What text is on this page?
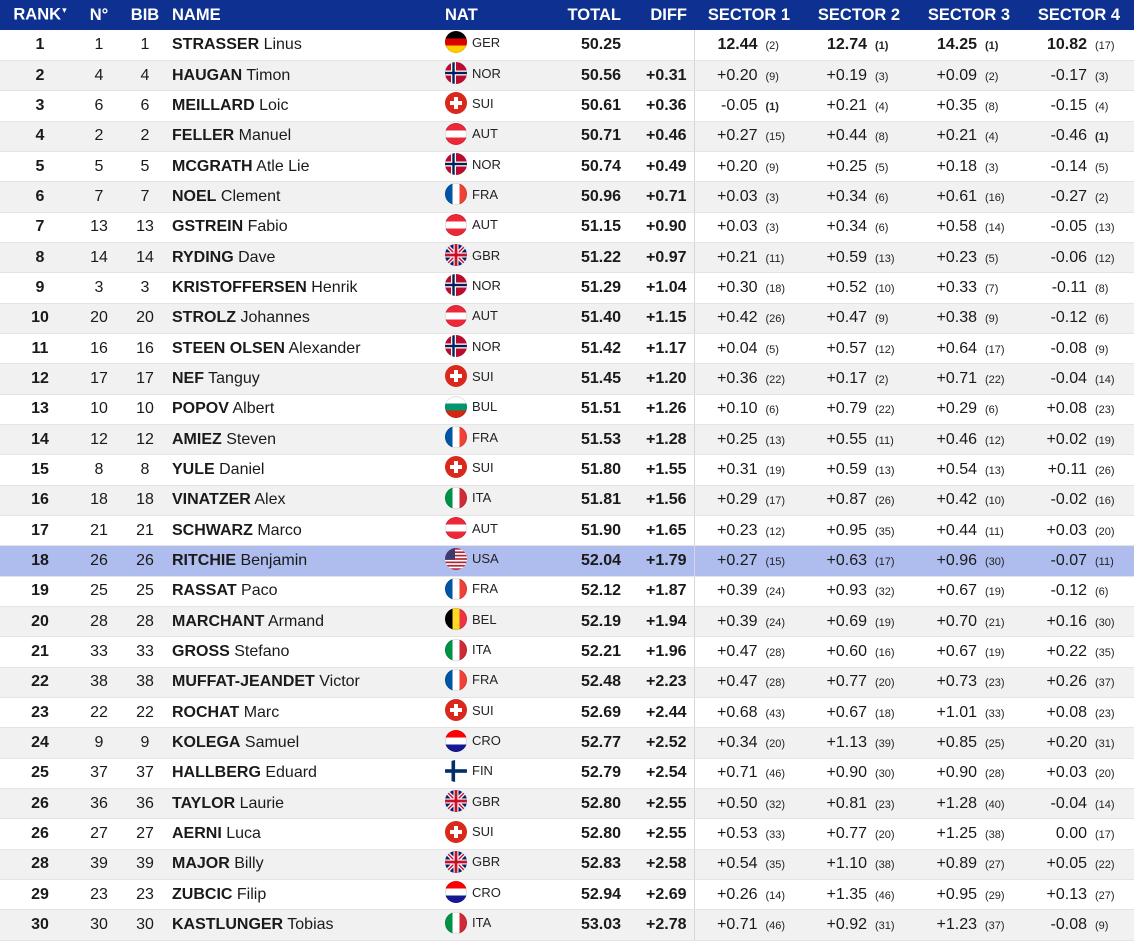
RANK▾	N°	BIB	NAME	NAT	TOTAL	DIFF	SECTOR 1	SECTOR 2	SECTOR 3	SECTOR 4
1	1	1	STRASSER Linus	GER	50.25		12.44 (2)	12.74 (1)	14.25 (1)	10.82 (17)
2	4	4	HAUGAN Timon	NOR	50.56	+0.31	+0.20 (9)	+0.19 (3)	+0.09 (2)	-0.17 (3)
3	6	6	MEILLARD Loic	SUI	50.61	+0.36	-0.05 (1)	+0.21 (4)	+0.35 (8)	-0.15 (4)
4	2	2	FELLER Manuel	AUT	50.71	+0.46	+0.27 (15)	+0.44 (8)	+0.21 (4)	-0.46 (1)
5	5	5	MCGRATH Atle Lie	NOR	50.74	+0.49	+0.20 (9)	+0.25 (5)	+0.18 (3)	-0.14 (5)
6	7	7	NOEL Clement	FRA	50.96	+0.71	+0.03 (3)	+0.34 (6)	+0.61 (16)	-0.27 (2)
7	13	13	GSTREIN Fabio	AUT	51.15	+0.90	+0.03 (3)	+0.34 (6)	+0.58 (14)	-0.05 (13)
8	14	14	RYDING Dave	GBR	51.22	+0.97	+0.21 (11)	+0.59 (13)	+0.23 (5)	-0.06 (12)
9	3	3	KRISTOFFERSEN Henrik	NOR	51.29	+1.04	+0.30 (18)	+0.52 (10)	+0.33 (7)	-0.11 (8)
10	20	20	STROLZ Johannes	AUT	51.40	+1.15	+0.42 (26)	+0.47 (9)	+0.38 (9)	-0.12 (6)
11	16	16	STEEN OLSEN Alexander	NOR	51.42	+1.17	+0.04 (5)	+0.57 (12)	+0.64 (17)	-0.08 (9)
12	17	17	NEF Tanguy	SUI	51.45	+1.20	+0.36 (22)	+0.17 (2)	+0.71 (22)	-0.04 (14)
13	10	10	POPOV Albert	BUL	51.51	+1.26	+0.10 (6)	+0.79 (22)	+0.29 (6)	+0.08 (23)
14	12	12	AMIEZ Steven	FRA	51.53	+1.28	+0.25 (13)	+0.55 (11)	+0.46 (12)	+0.02 (19)
15	8	8	YULE Daniel	SUI	51.80	+1.55	+0.31 (19)	+0.59 (13)	+0.54 (13)	+0.11 (26)
16	18	18	VINATZER Alex	ITA	51.81	+1.56	+0.29 (17)	+0.87 (26)	+0.42 (10)	-0.02 (16)
17	21	21	SCHWARZ Marco	AUT	51.90	+1.65	+0.23 (12)	+0.95 (35)	+0.44 (11)	+0.03 (20)
18	26	26	RITCHIE Benjamin	USA	52.04	+1.79	+0.27 (15)	+0.63 (17)	+0.96 (30)	-0.07 (11)
19	25	25	RASSAT Paco	FRA	52.12	+1.87	+0.39 (24)	+0.93 (32)	+0.67 (19)	-0.12 (6)
20	28	28	MARCHANT Armand	BEL	52.19	+1.94	+0.39 (24)	+0.69 (19)	+0.70 (21)	+0.16 (30)
21	33	33	GROSS Stefano	ITA	52.21	+1.96	+0.47 (28)	+0.60 (16)	+0.67 (19)	+0.22 (35)
22	38	38	MUFFAT-JEANDET Victor	FRA	52.48	+2.23	+0.47 (28)	+0.77 (20)	+0.73 (23)	+0.26 (37)
23	22	22	ROCHAT Marc	SUI	52.69	+2.44	+0.68 (43)	+0.67 (18)	+1.01 (33)	+0.08 (23)
24	9	9	KOLEGA Samuel	CRO	52.77	+2.52	+0.34 (20)	+1.13 (39)	+0.85 (25)	+0.20 (31)
25	37	37	HALLBERG Eduard	FIN	52.79	+2.54	+0.71 (46)	+0.90 (30)	+0.90 (28)	+0.03 (20)
26	36	36	TAYLOR Laurie	GBR	52.80	+2.55	+0.50 (32)	+0.81 (23)	+1.28 (40)	-0.04 (14)
26	27	27	AERNI Luca	SUI	52.80	+2.55	+0.53 (33)	+0.77 (20)	+1.25 (38)	0.00 (17)
28	39	39	MAJOR Billy	GBR	52.83	+2.58	+0.54 (35)	+1.10 (38)	+0.89 (27)	+0.05 (22)
29	23	23	ZUBCIC Filip	CRO	52.94	+2.69	+0.26 (14)	+1.35 (46)	+0.95 (29)	+0.13 (27)
30	30	30	KASTLUNGER Tobias	ITA	53.03	+2.78	+0.71 (46)	+0.92 (31)	+1.23 (37)	-0.08 (9)
